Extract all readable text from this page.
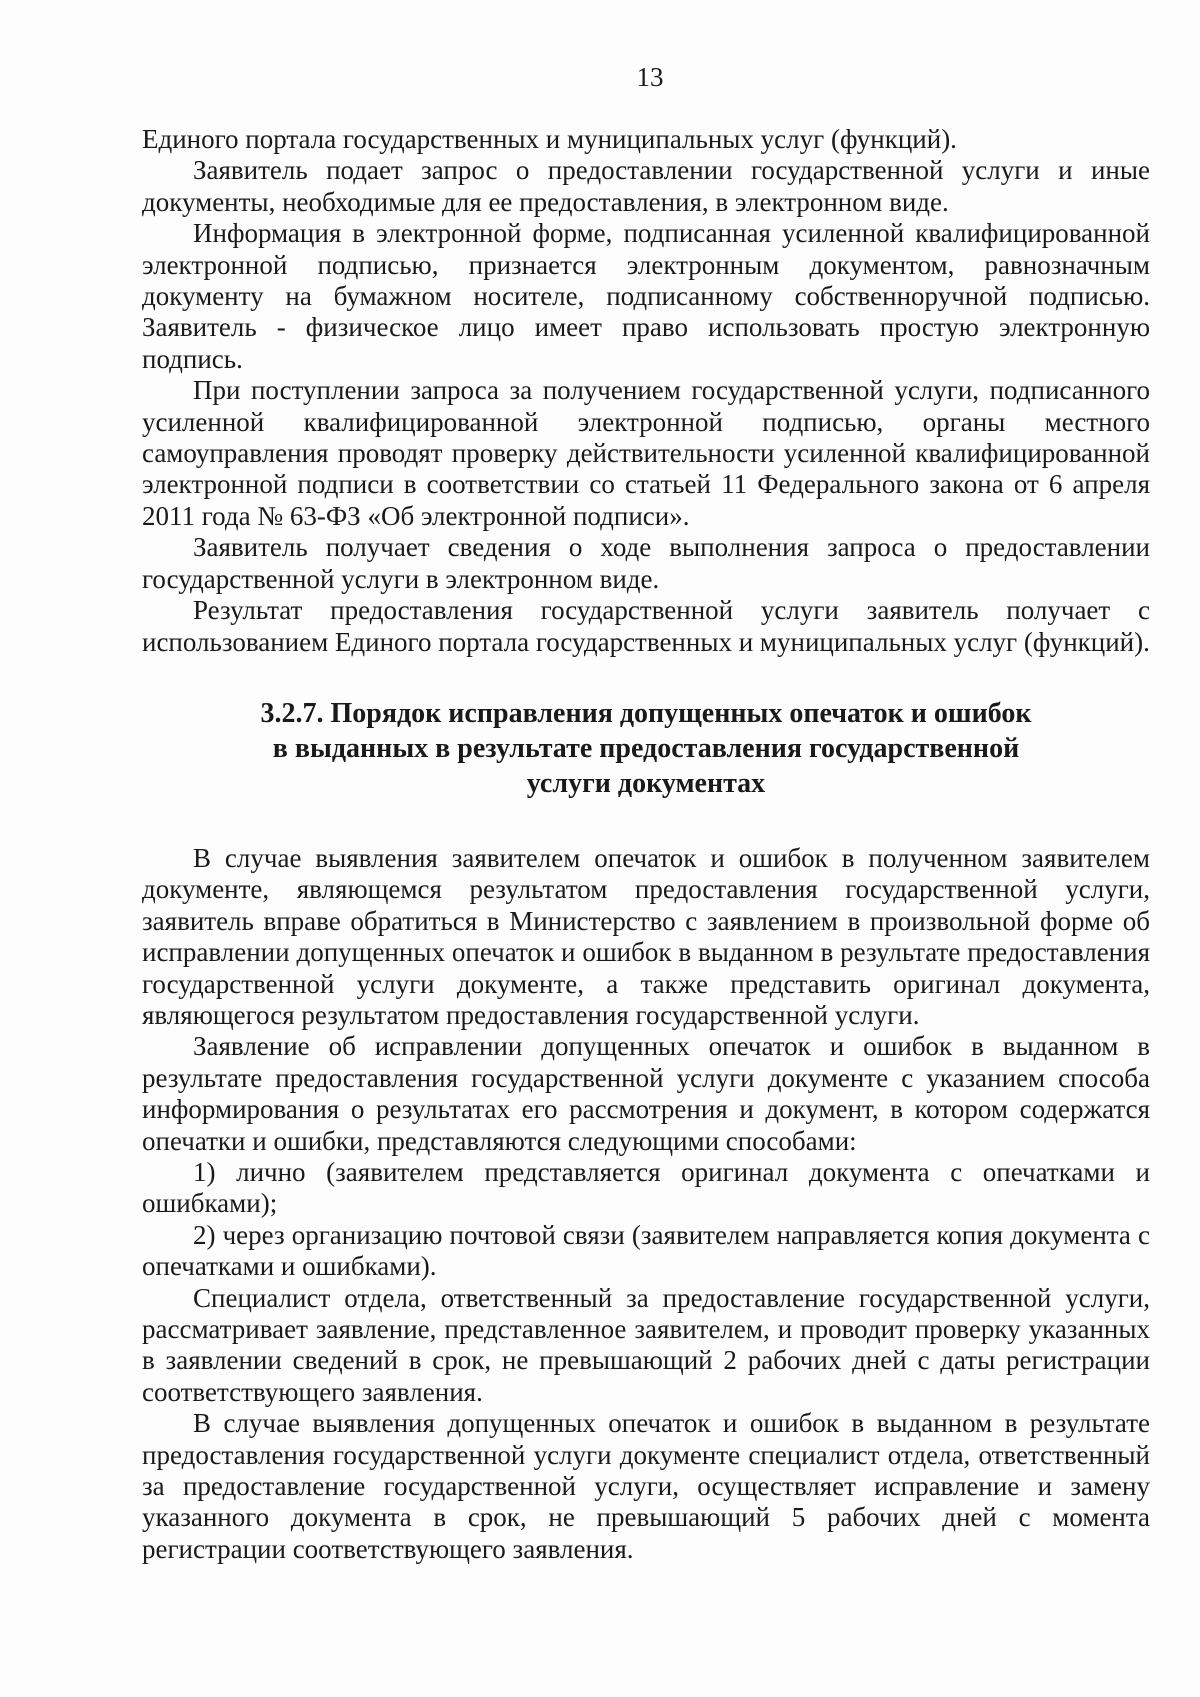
13

Единого портала государственных и муниципальных услуг (функций).

Заявитель подает запрос о предоставлении государственной услуги и иные документы, необходимые для ее предоставления, в электронном виде.

Информация в электронной форме, подписанная усиленной квалифицированной электронной подписью, признается электронным документом, равнозначным документу на бумажном носителе, подписанному собственноручной подписью. Заявитель - физическое лицо имеет право использовать простую электронную подпись.

При поступлении запроса за получением государственной услуги, подписанного усиленной квалифицированной электронной подписью, органы местного самоуправления проводят проверку действительности усиленной квалифицированной электронной подписи в соответствии со статьей 11 Федерального закона от 6 апреля 2011 года № 63-ФЗ «Об электронной подписи».

Заявитель получает сведения о ходе выполнения запроса о предоставлении государственной услуги в электронном виде.

Результат предоставления государственной услуги заявитель получает с использованием Единого портала государственных и муниципальных услуг (функций).

3.2.7. Порядок исправления допущенных опечаток и ошибок
в выданных в результате предоставления государственной
услуги документах

В случае выявления заявителем опечаток и ошибок в полученном заявителем документе, являющемся результатом предоставления государственной услуги, заявитель вправе обратиться в Министерство с заявлением в произвольной форме об исправлении допущенных опечаток и ошибок в выданном в результате предоставления государственной услуги документе, а также представить оригинал документа, являющегося результатом предоставления государственной услуги.

Заявление об исправлении допущенных опечаток и ошибок в выданном в результате предоставления государственной услуги документе с указанием способа информирования о результатах его рассмотрения и документ, в котором содержатся опечатки и ошибки, представляются следующими способами:

1) лично (заявителем представляется оригинал документа с опечатками и ошибками);

2) через организацию почтовой связи (заявителем направляется копия документа с опечатками и ошибками).

Специалист отдела, ответственный за предоставление государственной услуги, рассматривает заявление, представленное заявителем, и проводит проверку указанных в заявлении сведений в срок, не превышающий 2 рабочих дней с даты регистрации соответствующего заявления.

В случае выявления допущенных опечаток и ошибок в выданном в результате предоставления государственной услуги документе специалист отдела, ответственный за предоставление государственной услуги, осуществляет исправление и замену указанного документа в срок, не превышающий 5 рабочих дней с момента регистрации соответствующего заявления.
